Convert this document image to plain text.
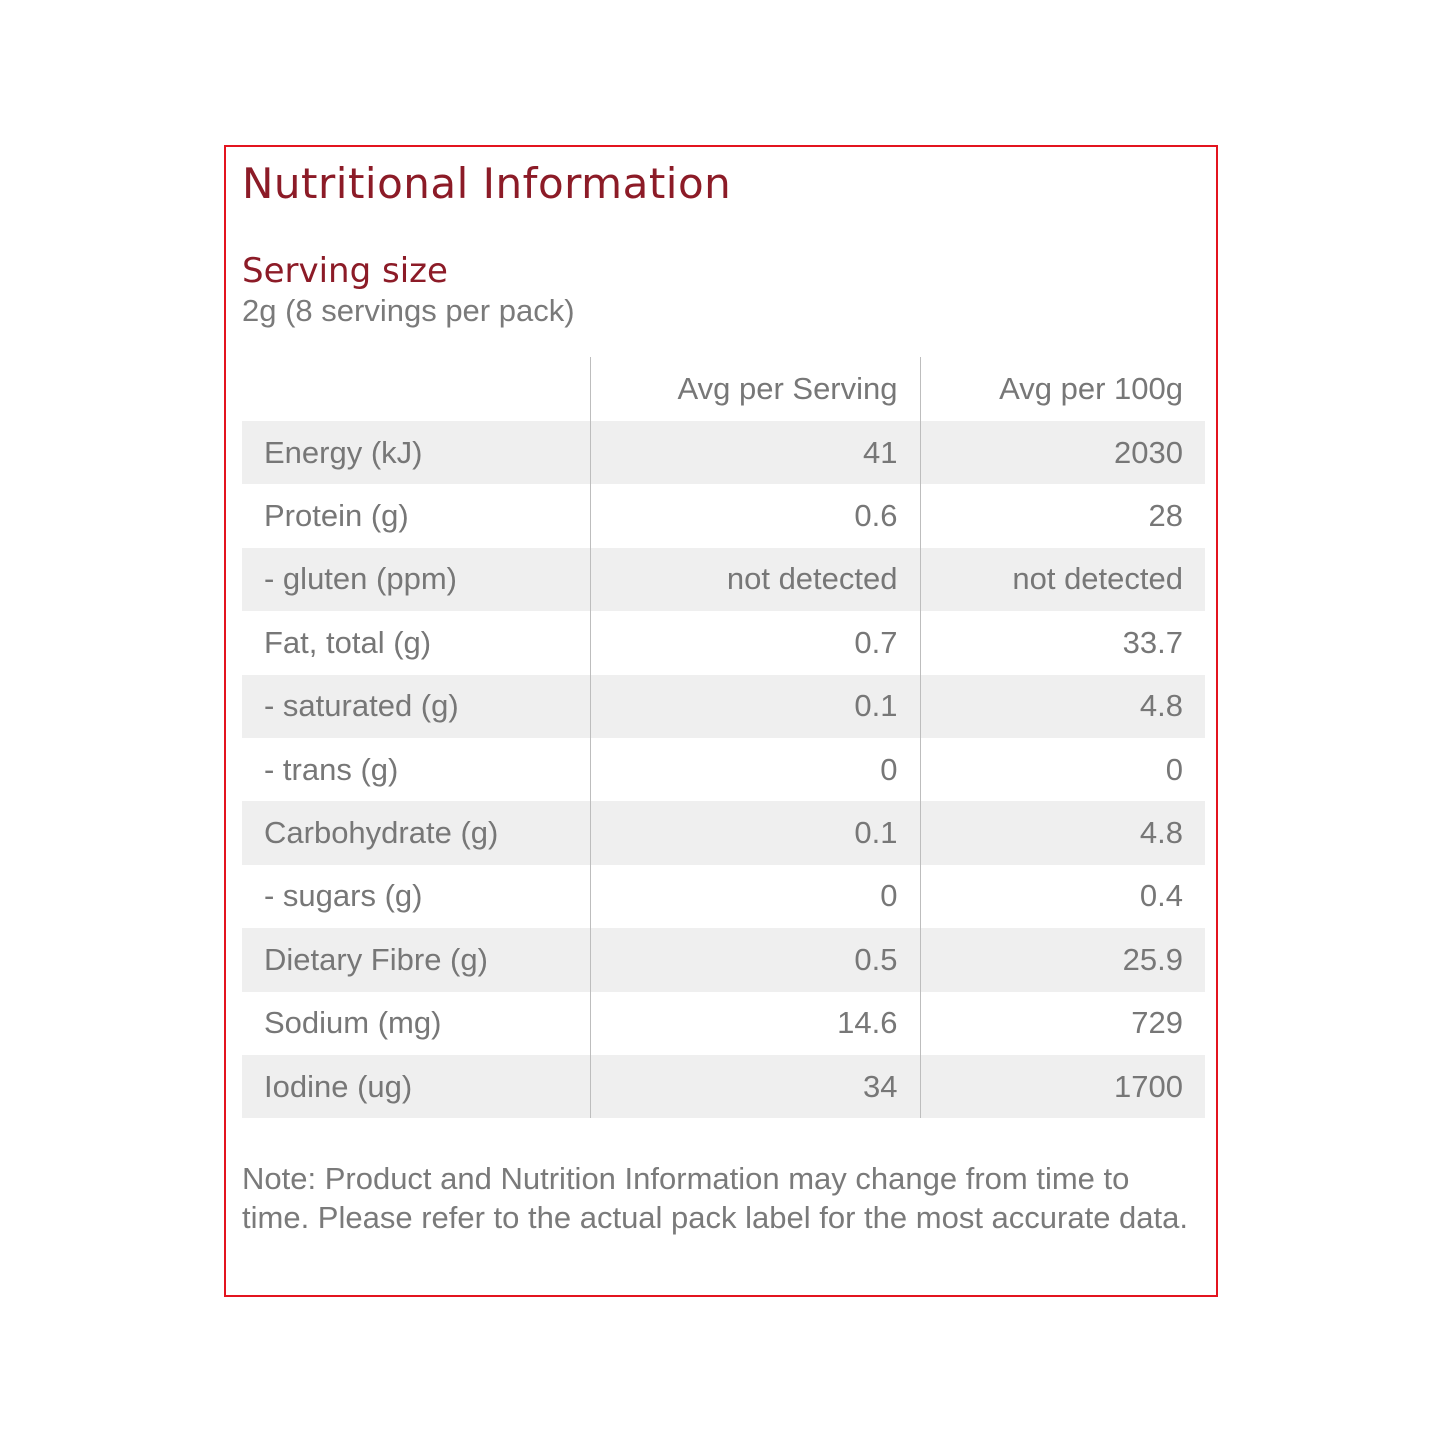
Nutritional Information
Serving size
2g (8 servings per pack)
	Avg per Serving	Avg per 100g
Energy (kJ)	41	2030
Protein (g)	0.6	28
- gluten (ppm)	not detected	not detected
Fat, total (g)	0.7	33.7
- saturated (g)	0.1	4.8
- trans (g)	0	0
Carbohydrate (g)	0.1	4.8
- sugars (g)	0	0.4
Dietary Fibre (g)	0.5	25.9
Sodium (mg)	14.6	729
Iodine (ug)	34	1700
Note: Product and Nutrition Information may change from time to time. Please refer to the actual pack label for the most accurate data.
